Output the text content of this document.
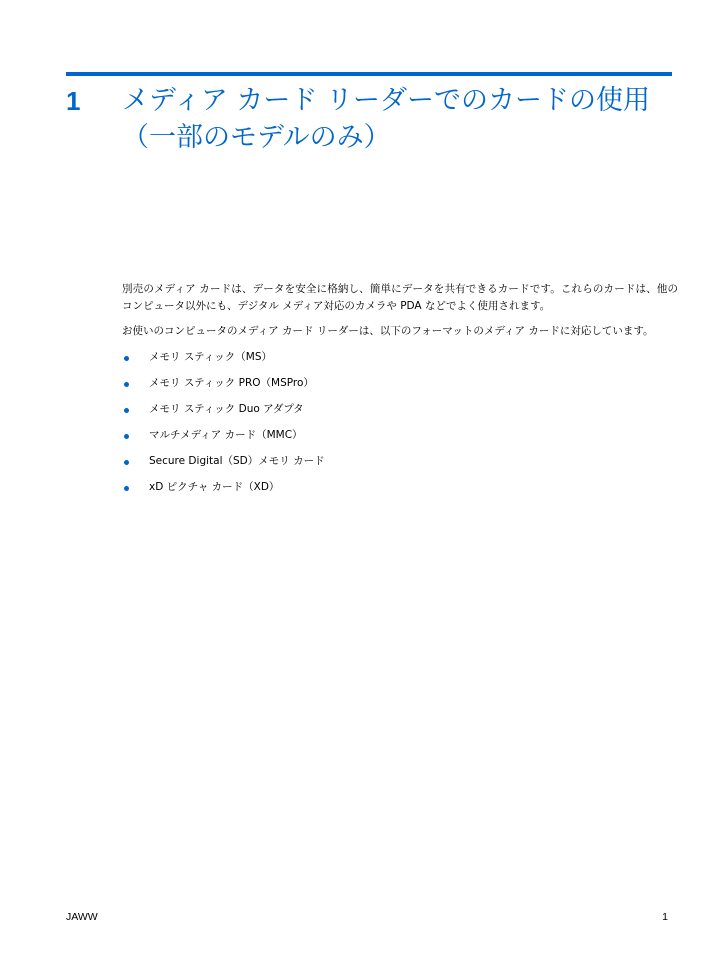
1 メディア カード リーダーでのカードの使用（一部のモデルのみ）

別売のメディア カードは、データを安全に格納し、簡単にデータを共有できるカードです。これらのカードは、他のコンピュータ以外にも、デジタル メディア対応のカメラや PDA などでよく使用されます。

お使いのコンピュータのメディア カード リーダーは、以下のフォーマットのメディア カードに対応しています。

メモリ スティック（MS）
メモリ スティック PRO（MSPro）
メモリ スティック Duo アダプタ
マルチメディア カード（MMC）
Secure Digital（SD）メモリ カード
xD ピクチャ カード（XD）
JAWW	1
